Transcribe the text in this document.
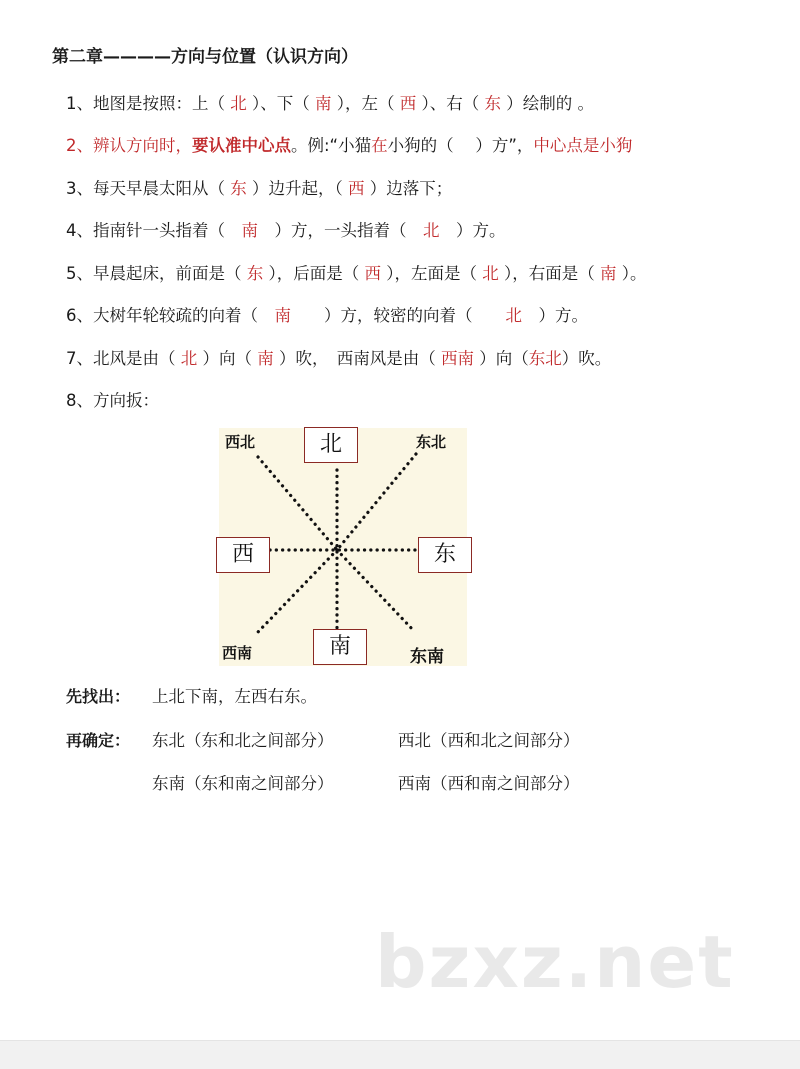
第二章————方向与位置（认识方向）
1、地图是按照：上（ 北 ）、下（ 南 ），左（ 西 ）、右（ 东 ）绘制的 。
2、辨认方向时，要认准中心点。例:“小猫在小狗的（　 ）方”，中心点是小狗
3、每天早晨太阳从（ 东 ）边升起，（ 西 ）边落下；
4、指南针一头指着（　南　）方，一头指着（　北　）方。
5、早晨起床，前面是（ 东 ），后面是（ 西 ），左面是（ 北 ），右面是（ 南 ）。
6、大树年轮较疏的向着（　南　　）方，较密的向着（　　北　）方。
7、北风是由（ 北 ）向（ 南 ）吹，　西南风是由（ 西南 ）向（东北）吹。
8、方向扳：
北
西	东
南
西北	东北
西南	东南
先找出： 上北下南，左西右东。
再确定： 东北（东和北之间部分）	西北（西和北之间部分）
东南（东和南之间部分）	西南（西和南之间部分）
bzxz.net
